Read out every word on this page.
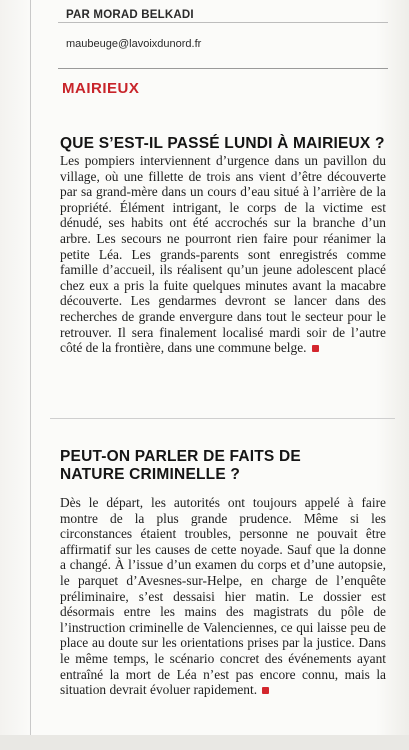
PAR MORAD BELKADI
maubeuge@lavoixdunord.fr
MAIRIEUX
QUE S’EST-IL PASSÉ LUNDI À MAIRIEUX ?
Les pompiers interviennent d’urgence dans un pavillon du village, où une fillette de trois ans vient d’être découverte par sa grand-mère dans un cours d’eau situé à l’arrière de la propriété. Élément intrigant, le corps de la victime est dénudé, ses habits ont été accrochés sur la branche d’un arbre. Les secours ne pourront rien faire pour réanimer la petite Léa. Les grands-parents sont enregistrés comme famille d’accueil, ils réalisent qu’un jeune adolescent placé chez eux a pris la fuite quelques minutes avant la macabre découverte. Les gendarmes devront se lancer dans des recherches de grande envergure dans tout le secteur pour le retrouver. Il sera finalement localisé mardi soir de l’autre côté de la frontière, dans une commune belge.
PEUT-ON PARLER DE FAITS DE NATURE CRIMINELLE ?
Dès le départ, les autorités ont toujours appelé à faire montre de la plus grande prudence. Même si les circonstances étaient troubles, personne ne pouvait être affirmatif sur les causes de cette noyade. Sauf que la donne a changé. À l’issue d’un examen du corps et d’une autopsie, le parquet d’Avesnes-sur-Helpe, en charge de l’enquête préliminaire, s’est dessaisi hier matin. Le dossier est désormais entre les mains des magistrats du pôle de l’instruction criminelle de Valenciennes, ce qui laisse peu de place au doute sur les orientations prises par la justice. Dans le même temps, le scénario concret des événements ayant entraîné la mort de Léa n’est pas encore connu, mais la situation devrait évoluer rapidement.
